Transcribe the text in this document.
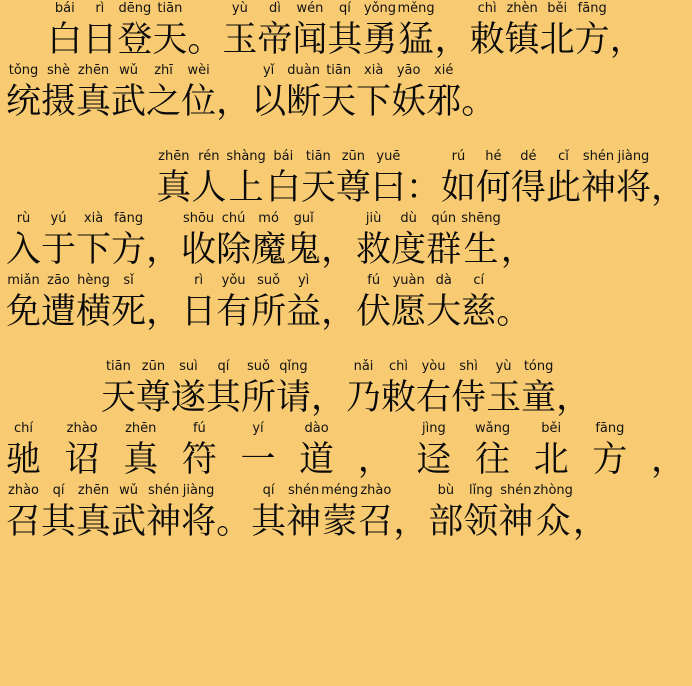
bái
白
rì
日
dēng
登
tiān
天 。
yù
玉
dì
帝
wén
闻
qí
其
yǒng
勇
měng
猛 ，
chì
敕
zhèn
镇
běi
北
fāng
方 ，
tǒng
统
shè
摄
zhēn
真
wǔ
武
zhī
之
wèi
位 ，
yǐ
以
duàn
断
tiān
天
xià
下
yāo
妖
xié
邪 。
zhēn
真
rén
人
shàng
上
bái
白
tiān
天
zūn
尊
yuē
曰 ：
rú
如
hé
何
dé
得
cǐ
此
shén
神
jiàng
将 ，
rù
入
yú
于
xià
下
fāng
方 ，
shōu
收
chú
除
mó
魔
guǐ
鬼 ，
jiù
救
dù
度
qún
群
shēng
生 ，
miǎn
免
zāo
遭
hèng
横
sǐ
死 ，
rì
日
yǒu
有
suǒ
所
yì
益 ，
fú
伏
yuàn
愿
dà
大
cí
慈 。
tiān
天
zūn
尊
suì
遂
qí
其
suǒ
所
qǐng
请 ，
nǎi
乃
chì
敕
yòu
右
shì
侍
yù
玉
tóng
童 ，
chí
驰
zhào
诏
zhēn
真
fú
符
yí
一
dào
道 ，
jìng
迳
wǎng
往
běi
北
fāng
方 ，
zhào
召
qí
其
zhēn
真
wǔ
武
shén
神
jiàng
将 。
qí
其
shén
神
méng
蒙
zhào
召 ，
bù
部
lǐng
领
shén
神
zhòng
众 ，
